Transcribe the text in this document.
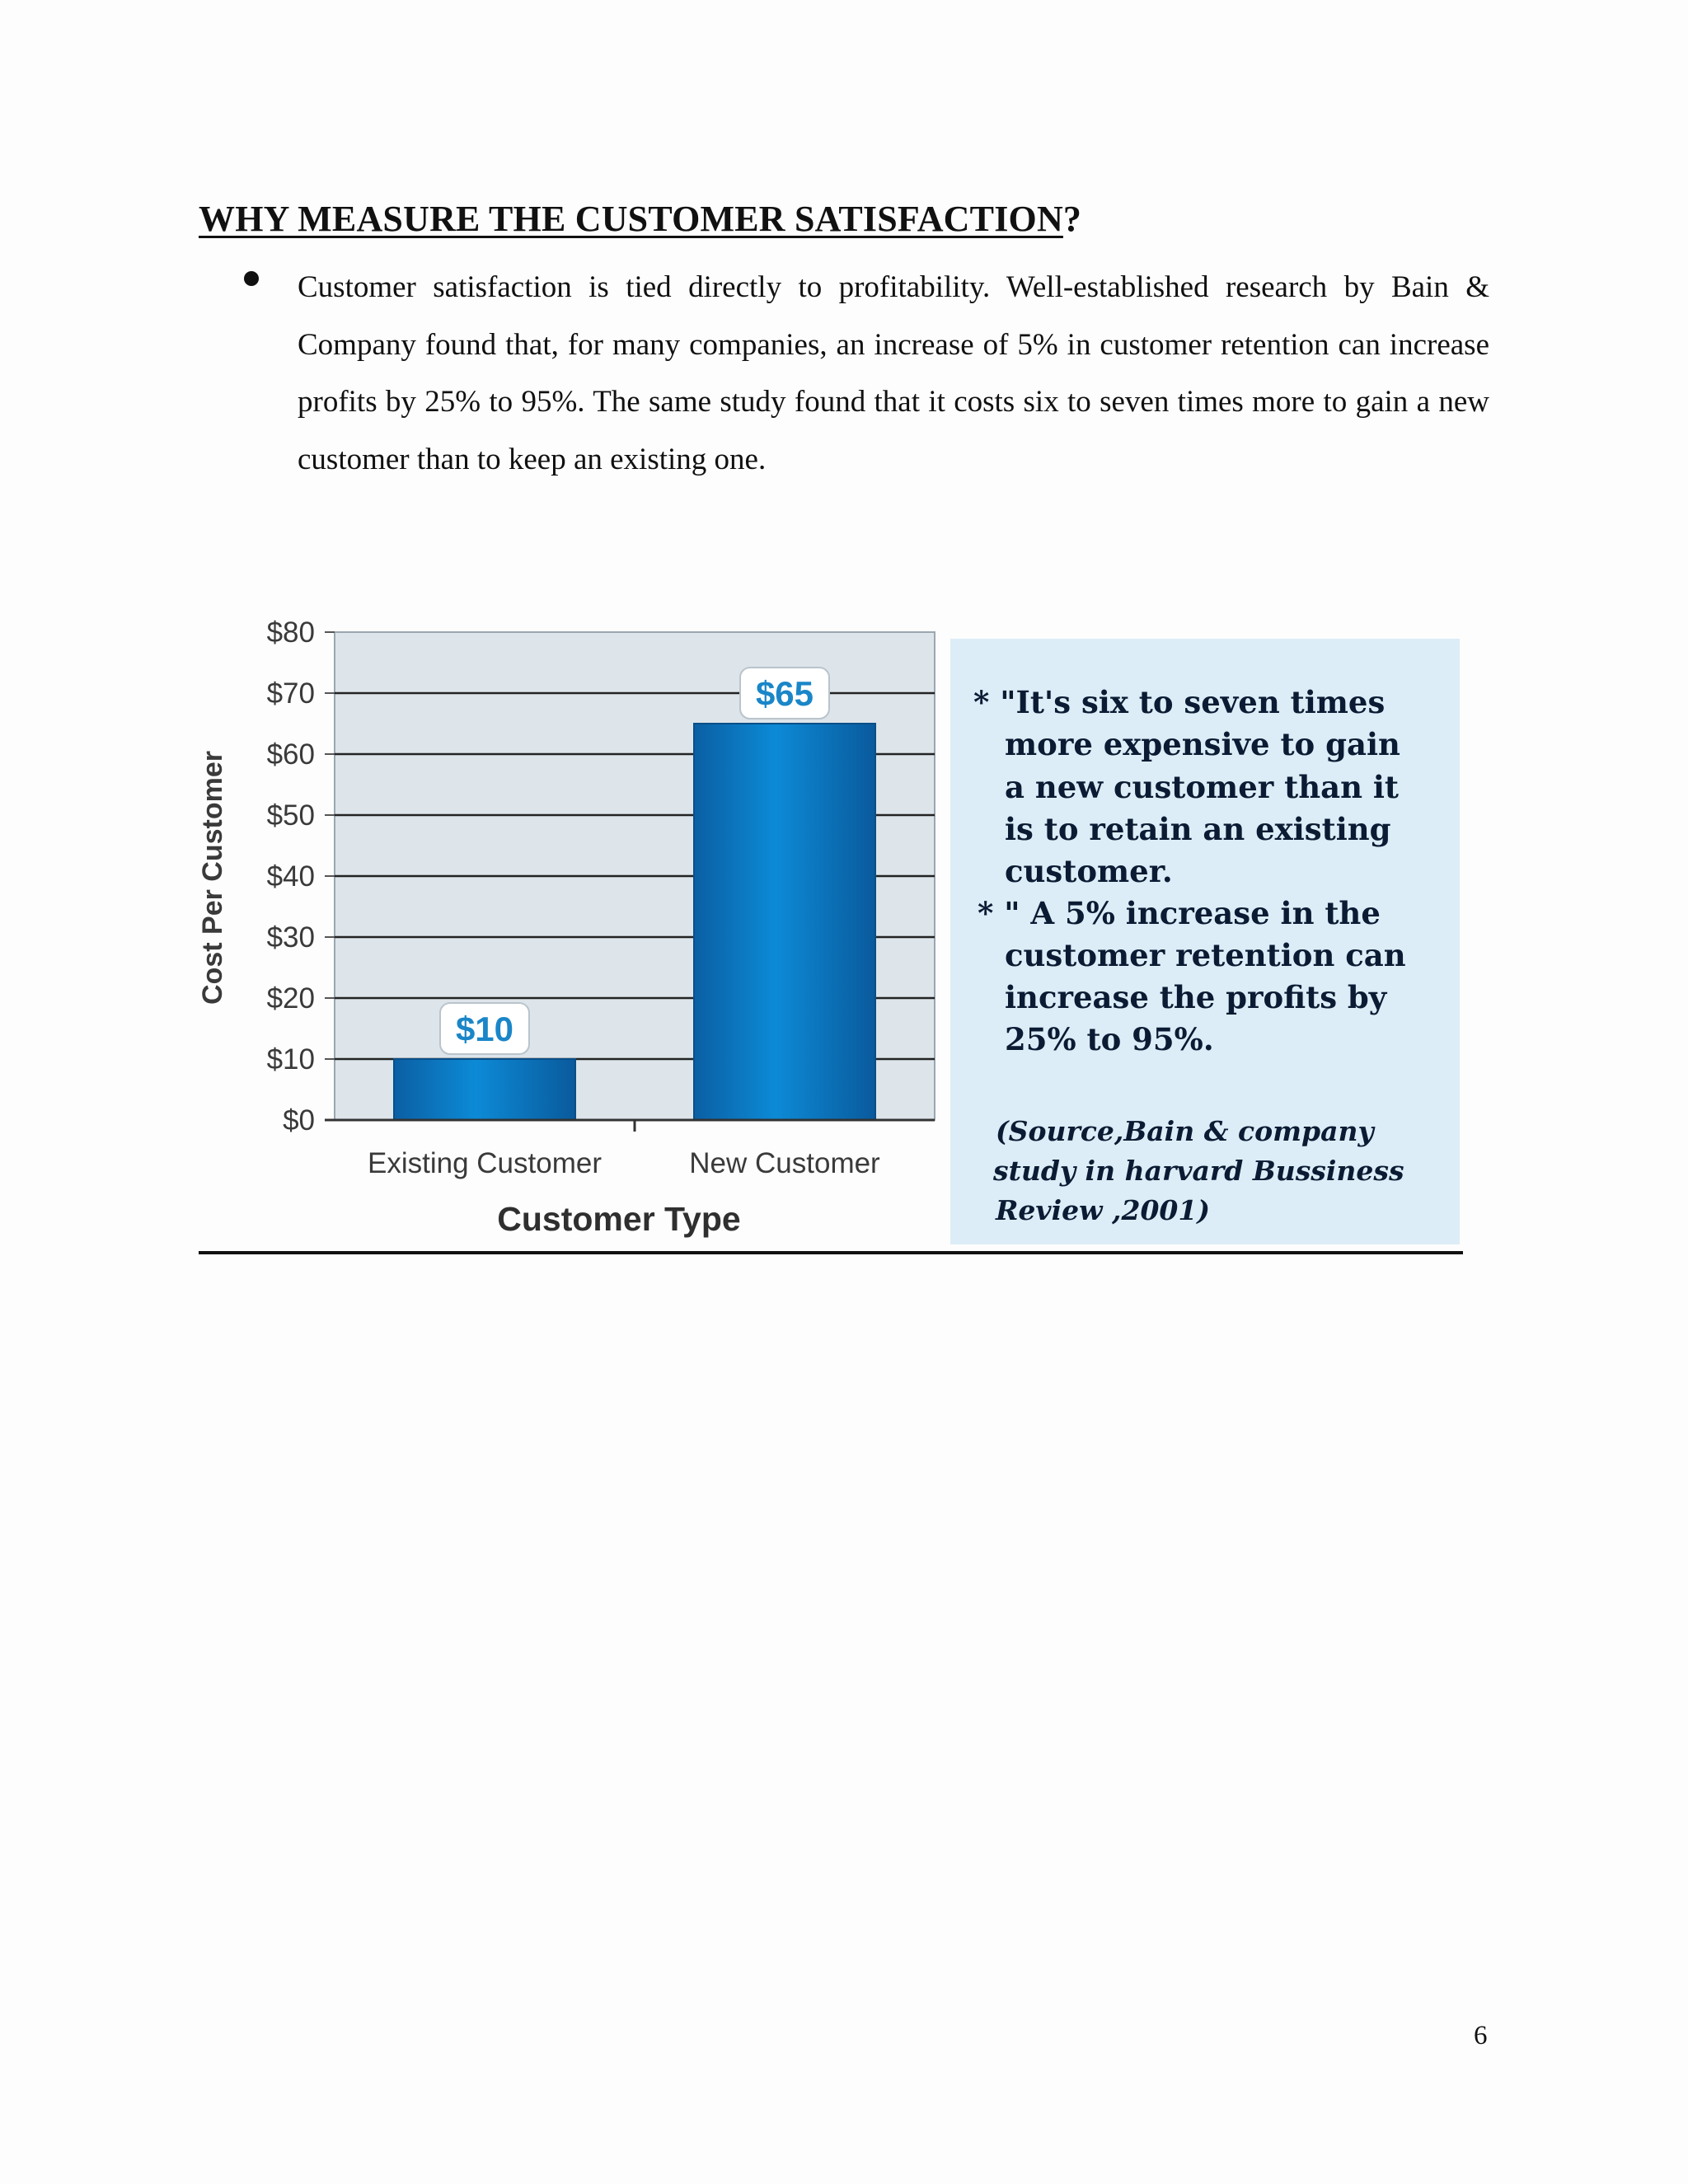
WHY MEASURE THE CUSTOMER SATISFACTION?

Customer satisfaction is tied directly to profitability. Well-established research by Bain & Company found that, for many companies, an increase of 5% in customer retention can increase profits by 25% to 95%. The same study found that it costs six to seven times more to gain a new customer than to keep an existing one.

$10
$65
$0
$10
$20
$30
$40
$50
$60
$70
$80
Existing Customer	New Customer
Customer Type
Cost Per Customer
* "It's six to seven times
more expensive to gain
a new customer than it
is to retain an existing
customer.
* " A 5% increase in the
customer retention can
increase the profits by
25% to 95%.
(Source,Bain & company
study in harvard Bussiness
Review ,2001)
6
